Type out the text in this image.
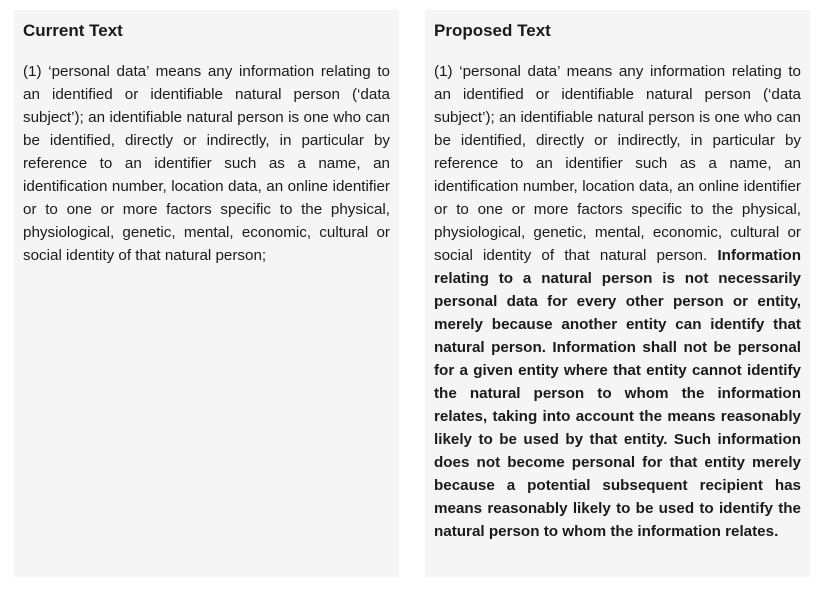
Current Text

(1) ‘personal data’ means any information relating to an identified or identifiable natural person (‘data subject’); an identifiable natural person is one who can be identified, directly or indirectly, in particular by reference to an identifier such as a name, an identification number, location data, an online identifier or to one or more factors specific to the physical, physiological, genetic, mental, economic, cultural or social identity of that natural person;

Proposed Text

(1) ‘personal data’ means any information relating to an identified or identifiable natural person (‘data subject’); an identifiable natural person is one who can be identified, directly or indirectly, in particular by reference to an identifier such as a name, an identification number, location data, an online identifier or to one or more factors specific to the physical, physiological, genetic, mental, economic, cultural or social identity of that natural person. Information relating to a natural person is not necessarily personal data for every other person or entity, merely because another entity can identify that natural person. Information shall not be personal for a given entity where that entity cannot identify the natural person to whom the information relates, taking into account the means reasonably likely to be used by that entity. Such information does not become personal for that entity merely because a potential subsequent recipient has means reasonably likely to be used to identify the natural person to whom the information relates.
